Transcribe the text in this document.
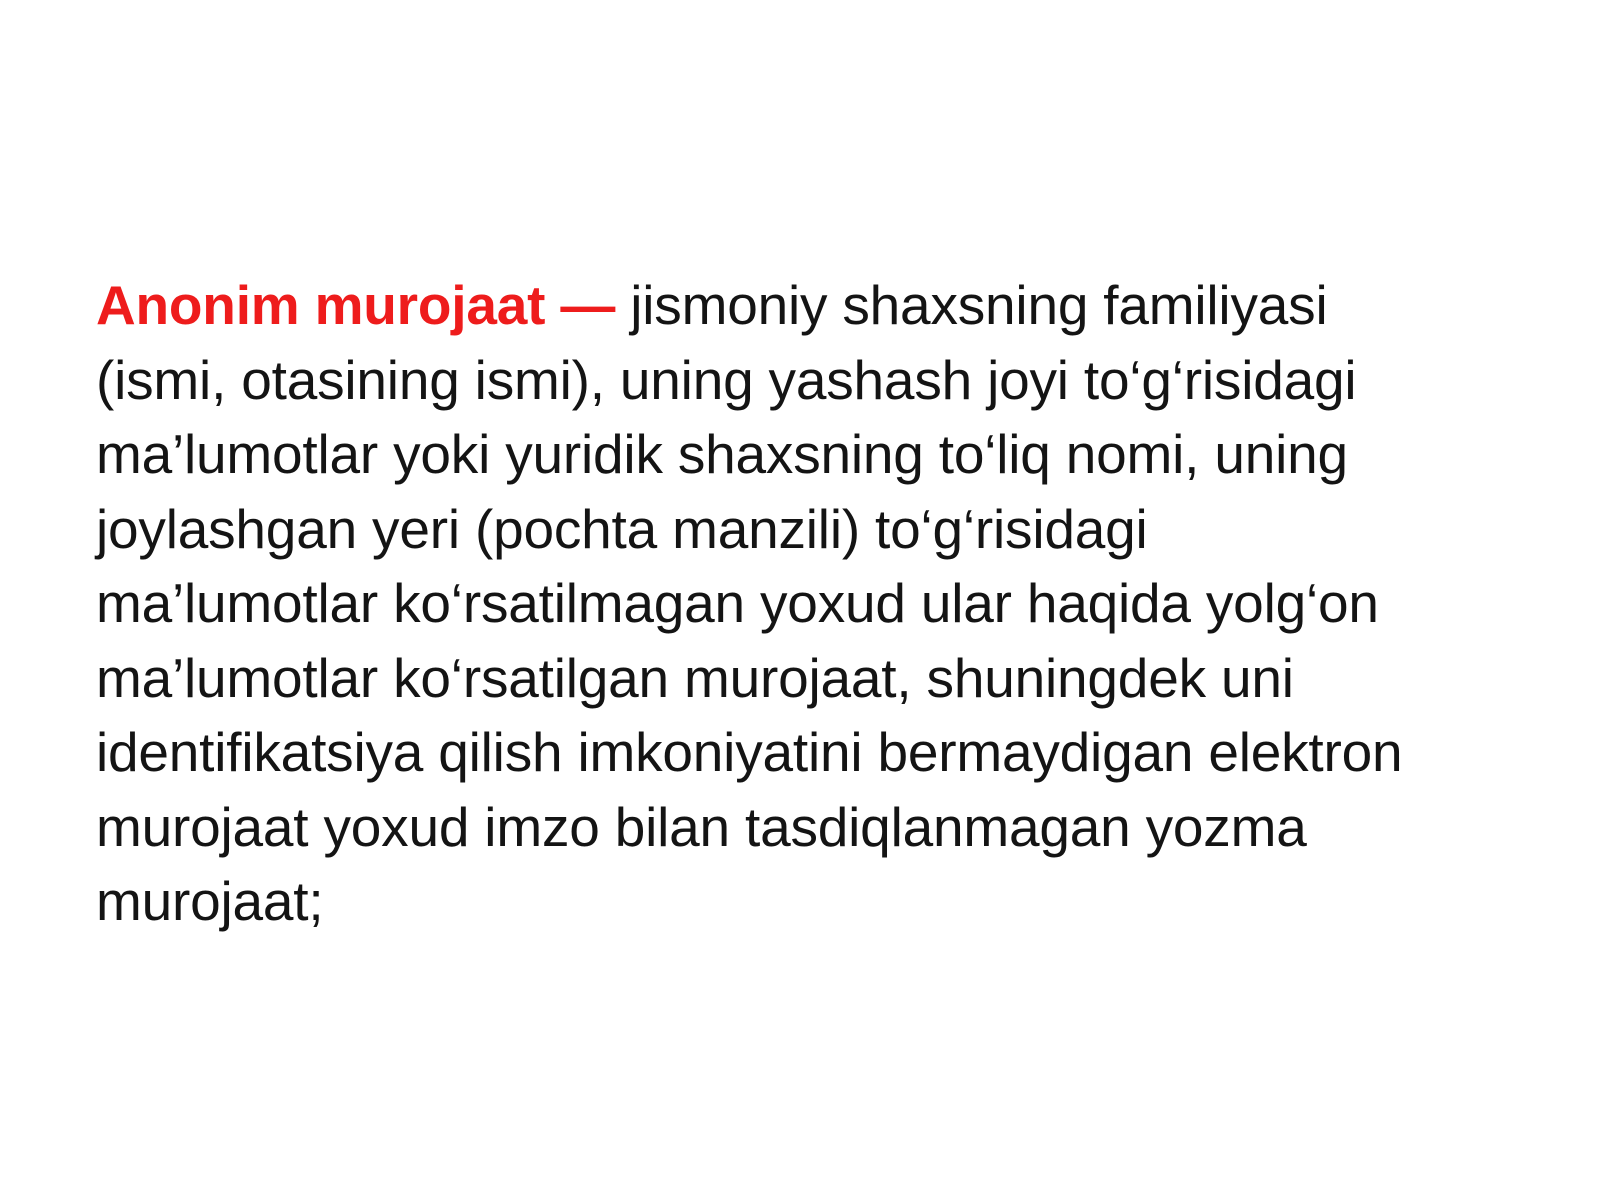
Anonim murojaat — jismoniy shaxsning familiyasi
(ismi, otasining ismi), uning yashash joyi to‘g‘risidagi
ma’lumotlar yoki yuridik shaxsning to‘liq nomi, uning
joylashgan yeri (pochta manzili) to‘g‘risidagi
ma’lumotlar ko‘rsatilmagan yoxud ular haqida yolg‘on
ma’lumotlar ko‘rsatilgan murojaat, shuningdek uni
identifikatsiya qilish imkoniyatini bermaydigan elektron
murojaat yoxud imzo bilan tasdiqlanmagan yozma
murojaat;
